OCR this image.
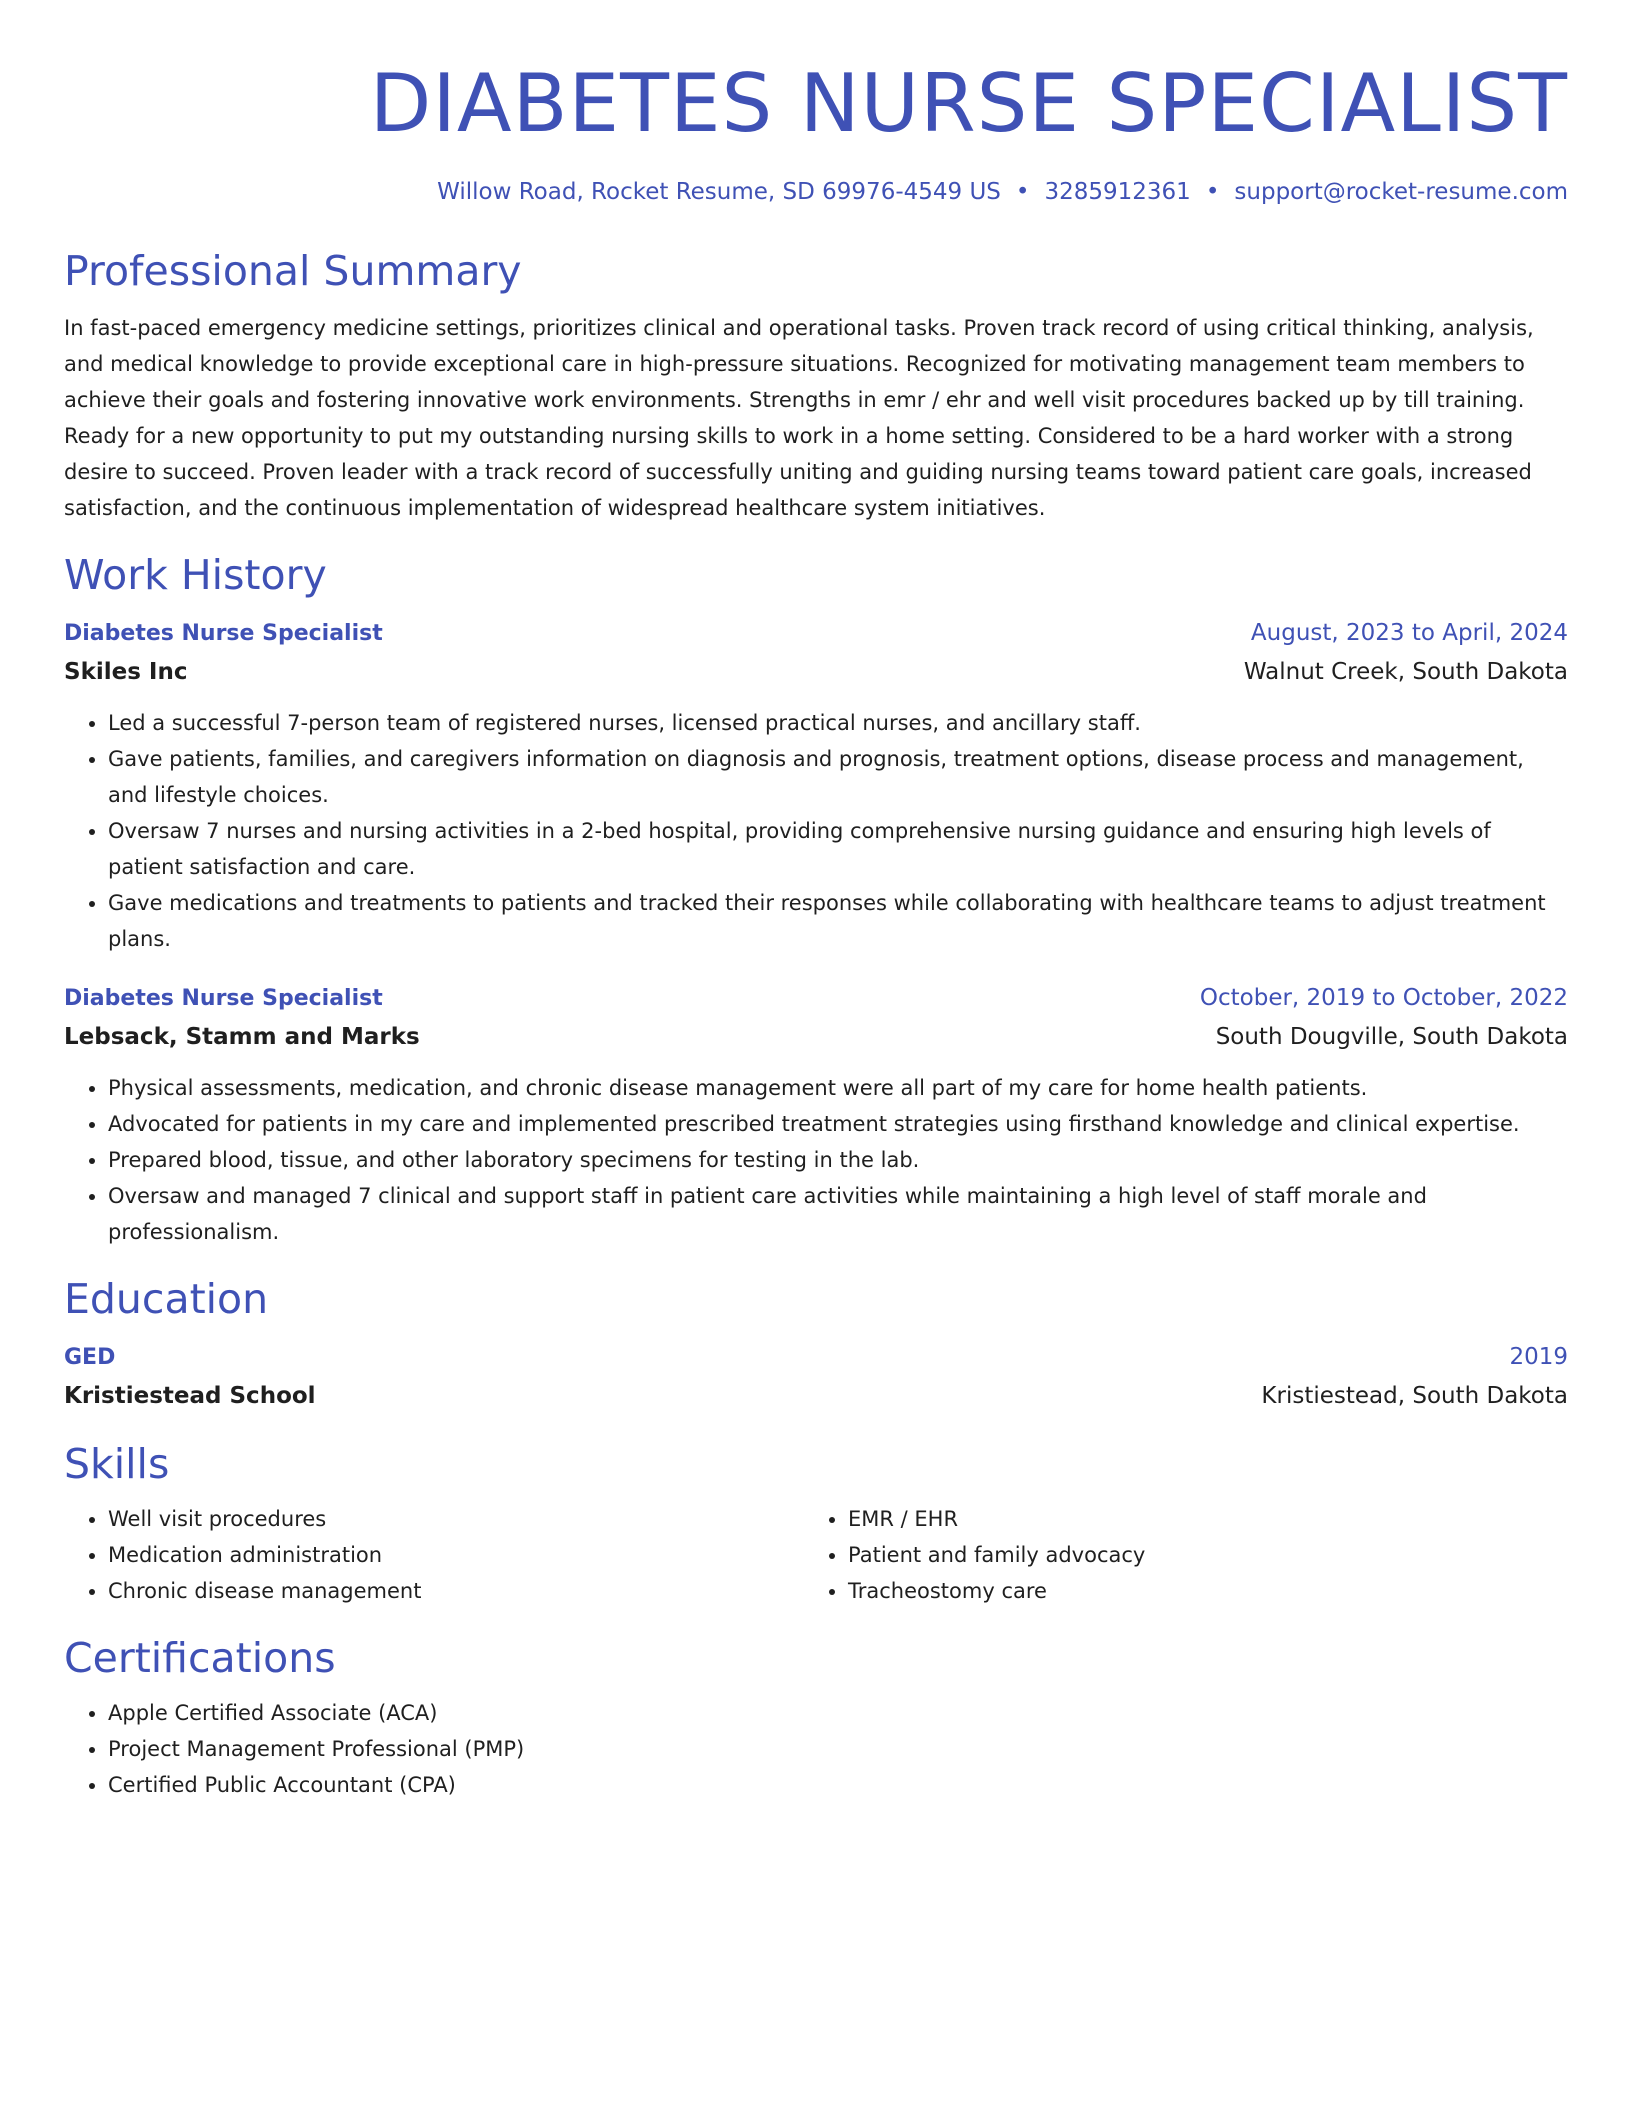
DIABETES NURSE SPECIALIST
Willow Road, Rocket Resume, SD 69976-4549 US • 3285912361 • support@rocket-resume.com
Professional Summary

In fast-paced emergency medicine settings, prioritizes clinical and operational tasks. Proven track record of using critical thinking, analysis, and medical knowledge to provide exceptional care in high-pressure situations. Recognized for motivating management team members to achieve their goals and fostering innovative work environments. Strengths in emr / ehr and well visit procedures backed up by till training. Ready for a new opportunity to put my outstanding nursing skills to work in a home setting. Considered to be a hard worker with a strong desire to succeed. Proven leader with a track record of successfully uniting and guiding nursing teams toward patient care goals, increased satisfaction, and the continuous implementation of widespread healthcare system initiatives.

Work History
Diabetes Nurse Specialist	August, 2023 to April, 2024
Skiles Inc	Walnut Creek, South Dakota
• Led a successful 7-person team of registered nurses, licensed practical nurses, and ancillary staff.
• Gave patients, families, and caregivers information on diagnosis and prognosis, treatment options, disease process and management, and lifestyle choices.
• Oversaw 7 nurses and nursing activities in a 2-bed hospital, providing comprehensive nursing guidance and ensuring high levels of patient satisfaction and care.
• Gave medications and treatments to patients and tracked their responses while collaborating with healthcare teams to adjust treatment plans.
Diabetes Nurse Specialist	October, 2019 to October, 2022
Lebsack, Stamm and Marks	South Dougville, South Dakota
• Physical assessments, medication, and chronic disease management were all part of my care for home health patients.
• Advocated for patients in my care and implemented prescribed treatment strategies using firsthand knowledge and clinical expertise.
• Prepared blood, tissue, and other laboratory specimens for testing in the lab.
• Oversaw and managed 7 clinical and support staff in patient care activities while maintaining a high level of staff morale and professionalism.
Education
GED	2019
Kristiestead School	Kristiestead, South Dakota
Skills
• Well visit procedures
• Medication administration
• Chronic disease management
• EMR / EHR
• Patient and family advocacy
• Tracheostomy care
Certifications
• Apple Certified Associate (ACA)
• Project Management Professional (PMP)
• Certified Public Accountant (CPA)
